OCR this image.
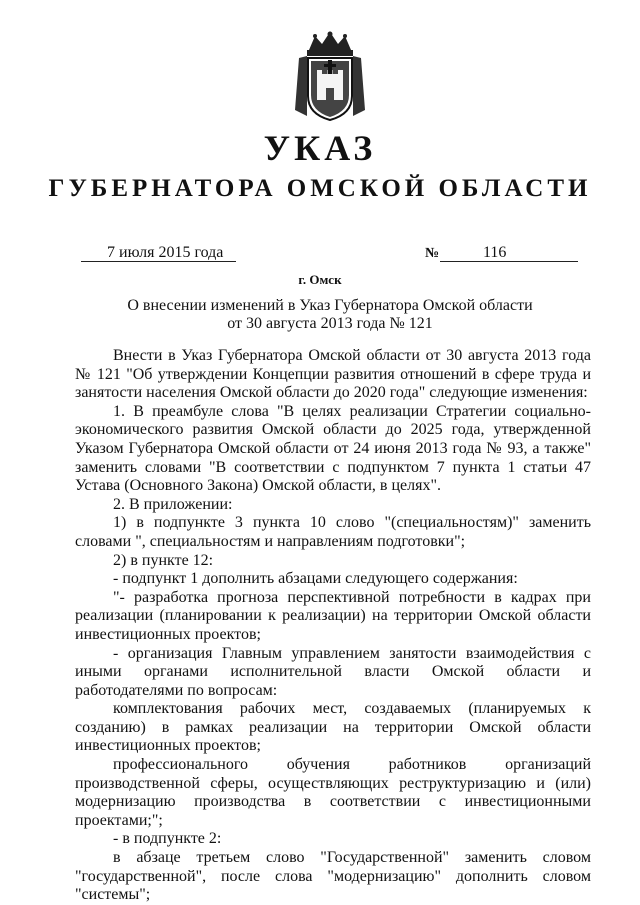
УКАЗ
ГУБЕРНАТОРА ОМСКОЙ ОБЛАСТИ
7 июля 2015 года	№	116
г. Омск
О внесении изменений в Указ Губернатора Омской области
от 30 августа 2013 года № 121

Внести в Указ Губернатора Омской области от 30 августа 2013 года № 121 "Об утверждении Концепции развития отношений в сфере труда и занятости населения Омской области до 2020 года" следующие изменения:

1. В преамбуле слова "В целях реализации Стратегии социально-экономического развития Омской области до 2025 года, утвержденной Указом Губернатора Омской области от 24 июня 2013 года № 93, а также" заменить словами "В соответствии с подпунктом 7 пункта 1 статьи 47 Устава (Основного Закона) Омской области, в целях".

2. В приложении:

1) в подпункте 3 пункта 10 слово "(специальностям)" заменить словами ", специальностям и направлениям подготовки";

2) в пункте 12:

- подпункт 1 дополнить абзацами следующего содержания:

"- разработка прогноза перспективной потребности в кадрах при реализации (планировании к реализации) на территории Омской области инвестиционных проектов;

- организация Главным управлением занятости взаимодействия с иными органами исполнительной власти Омской области и работодателями по вопросам:

комплектования рабочих мест, создаваемых (планируемых к созданию) в рамках реализации на территории Омской области инвестиционных проектов;

профессионального обучения работников организаций производственной сферы, осуществляющих реструктуризацию и (или) модернизацию производства в соответствии с инвестиционными проектами;";

- в подпункте 2:

в абзаце третьем слово "Государственной" заменить словом "государственной", после слова "модернизацию" дополнить словом "системы";
